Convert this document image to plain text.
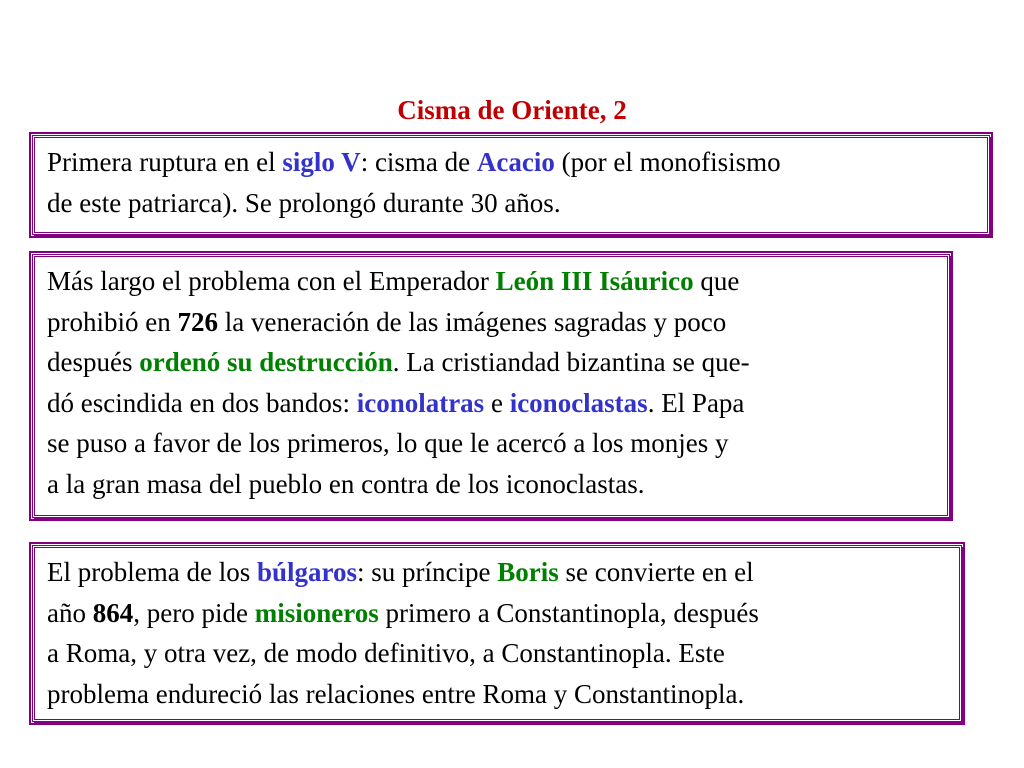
Cisma de Oriente, 2
Primera ruptura en el siglo V: cisma de Acacio (por el monofisismo
de este patriarca). Se prolongó durante 30 años.
Más largo el problema con el Emperador León III Isáurico que
prohibió en 726 la veneración de las imágenes sagradas y poco
después ordenó su destrucción. La cristiandad bizantina se que-
dó escindida en dos bandos: iconolatras e iconoclastas. El Papa
se puso a favor de los primeros, lo que le acercó a los monjes y
a la gran masa del pueblo en contra de los iconoclastas.
El problema de los búlgaros: su príncipe Boris se convierte en el
año 864, pero pide misioneros primero a Constantinopla, después
a Roma, y otra vez, de modo definitivo, a Constantinopla. Este
problema endureció las relaciones entre Roma y Constantinopla.
